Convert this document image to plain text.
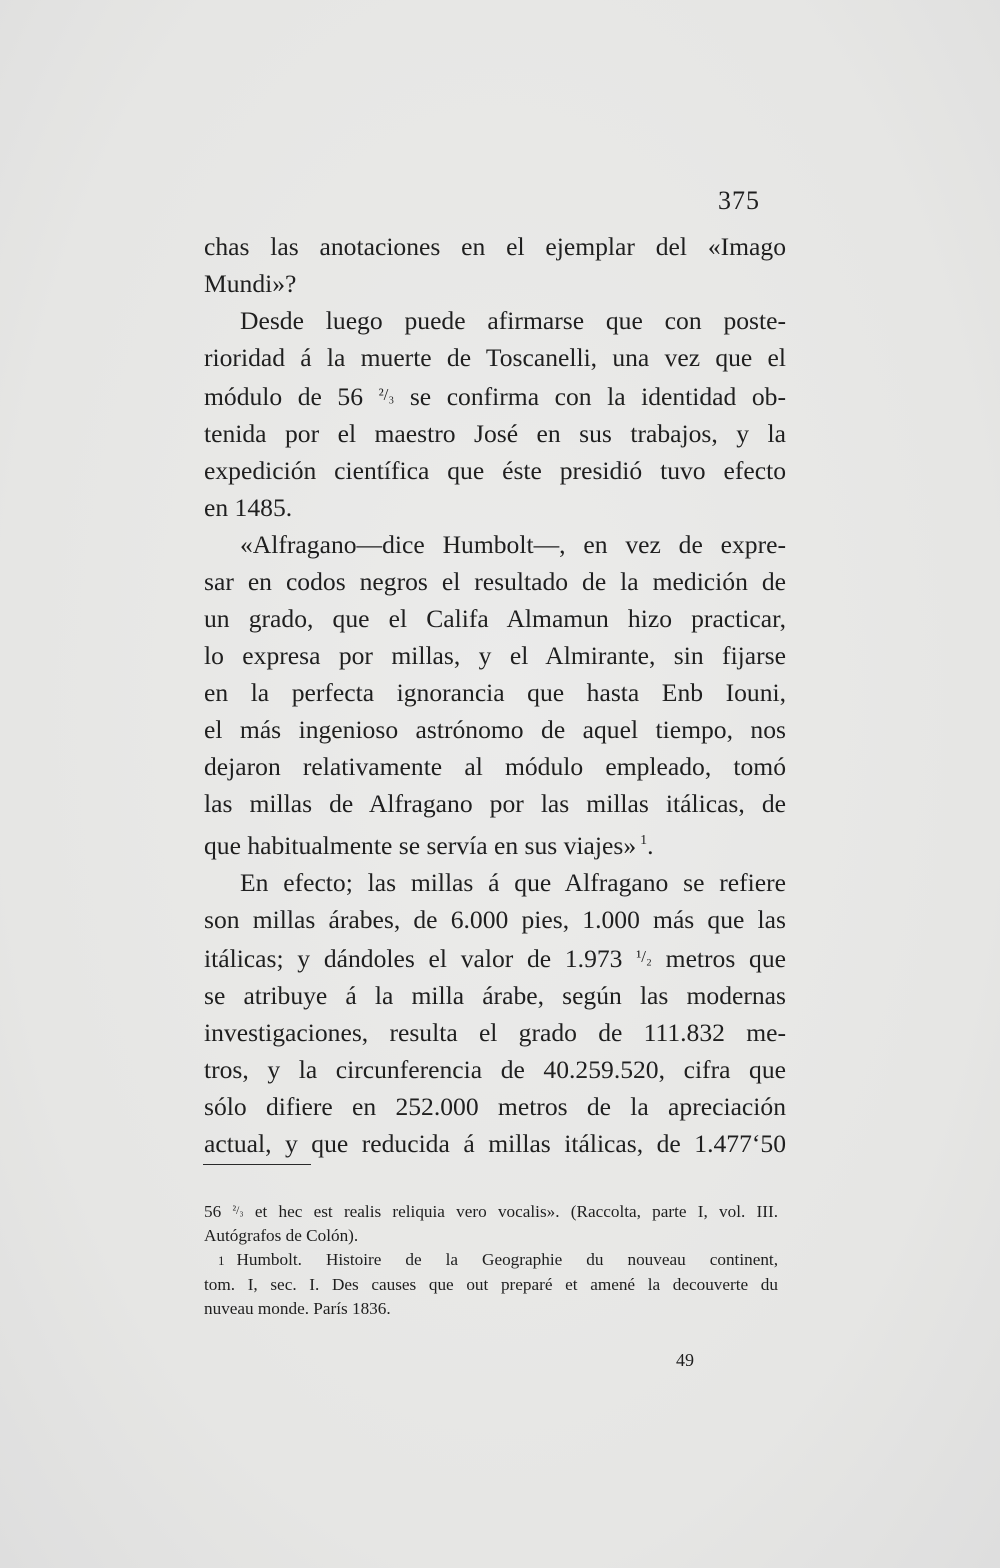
375
chas las anotaciones en el ejemplar del «Imago
Mundi»?
Desde luego puede afirmarse que con poste-
rioridad á la muerte de Toscanelli, una vez que el
módulo de 56 ²/₃ se confirma con la identidad ob-
tenida por el maestro José en sus trabajos, y la
expedición científica que éste presidió tuvo efecto
en 1485.
«Alfragano—dice Humbolt—, en vez de expre-
sar en codos negros el resultado de la medición de
un grado, que el Califa Almamun hizo practicar,
lo expresa por millas, y el Almirante, sin fijarse
en la perfecta ignorancia que hasta Enb Iouni,
el más ingenioso astrónomo de aquel tiempo, nos
dejaron relativamente al módulo empleado, tomó
las millas de Alfragano por las millas itálicas, de
que habitualmente se servía en sus viajes» $^1$.
En efecto; las millas á que Alfragano se refiere
son millas árabes, de 6.000 pies, 1.000 más que las
itálicas; y dándoles el valor de 1.973 ¹/₂ metros que
se atribuye á la milla árabe, según las modernas
investigaciones, resulta el grado de 111.832 me-
tros, y la circunferencia de 40.259.520, cifra que
sólo difiere en 252.000 metros de la apreciación
actual, y que reducida á millas itálicas, de 1.477‘50
56 ²/₃ et hec est realis reliquia vero vocalis». (Raccolta, parte I, vol. III.
Autógrafos de Colón).
1 Humbolt. Histoire de la Geographie du nouveau continent,
tom. I, sec. I. Des causes que out preparé et amené la decouverte du
nuveau monde. París 1836.
49
